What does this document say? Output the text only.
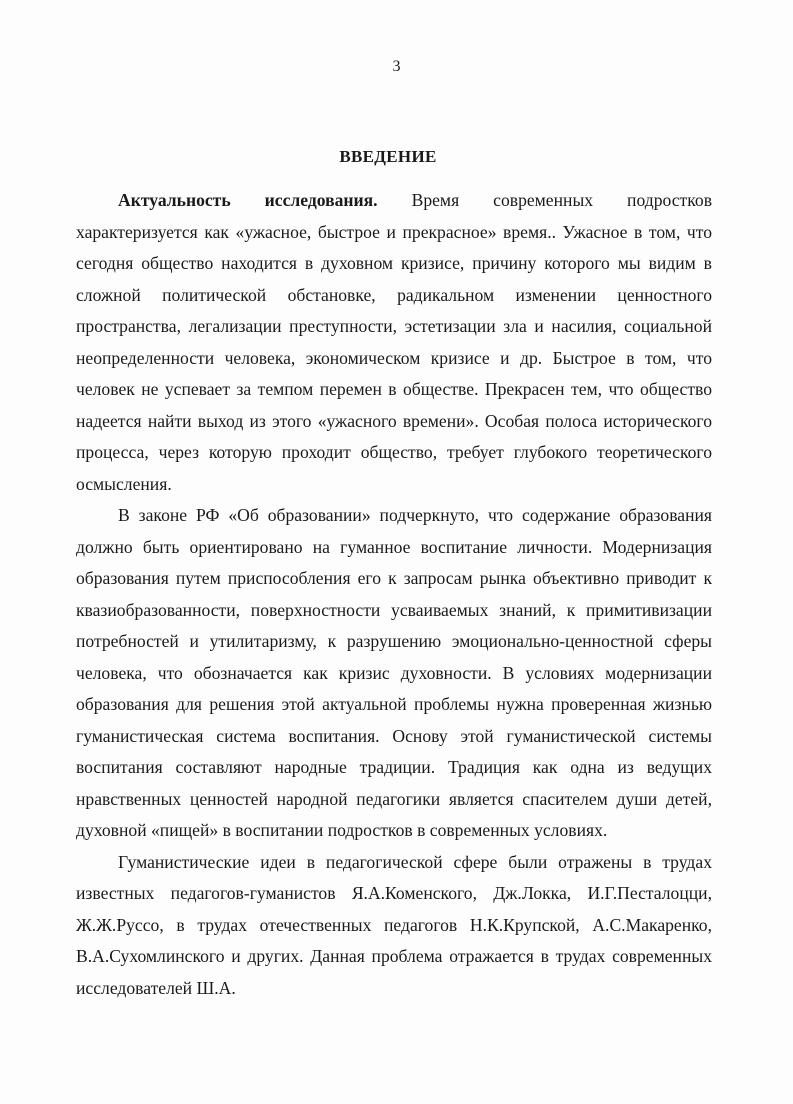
3
ВВЕДЕНИЕ

Актуальность исследования. Время современных подростков характеризуется как «ужасное, быстрое и прекрасное» время.. Ужасное в том, что сегодня общество находится в духовном кризисе, причину которого мы видим в сложной политической обстановке, радикальном изменении ценностного пространства, легализации преступности, эстетизации зла и насилия, социальной неопределенности человека, экономическом кризисе и др. Быстрое в том, что человек не успевает за темпом перемен в обществе. Прекрасен тем, что общество надеется найти выход из этого «ужасного времени». Особая полоса исторического процесса, через которую проходит общество, требует глубокого теоретического осмысления.

В законе РФ «Об образовании» подчеркнуто, что содержание образования должно быть ориентировано на гуманное воспитание личности. Модернизация образования путем приспособления его к запросам рынка объективно приводит к квазиобразованности, поверхностности усваиваемых знаний, к примитивизации потребностей и утилитаризму, к разрушению эмоционально-ценностной сферы человека, что обозначается как кризис духовности. В условиях модернизации образования для решения этой актуальной проблемы нужна проверенная жизнью гуманистическая система воспитания. Основу этой гуманистической системы воспитания составляют народные традиции. Традиция как одна из ведущих нравственных ценностей народной педагогики является спасителем души детей, духовной «пищей» в воспитании подростков в современных условиях.

Гуманистические идеи в педагогической сфере были отражены в трудах известных педагогов-гуманистов Я.А.Коменского, Дж.Локка, И.Г.Песталоцци, Ж.Ж.Руссо, в трудах отечественных педагогов Н.К.Крупской, А.С.Макаренко, В.А.Сухомлинского и других. Данная проблема отражается в трудах современных исследователей Ш.А.
